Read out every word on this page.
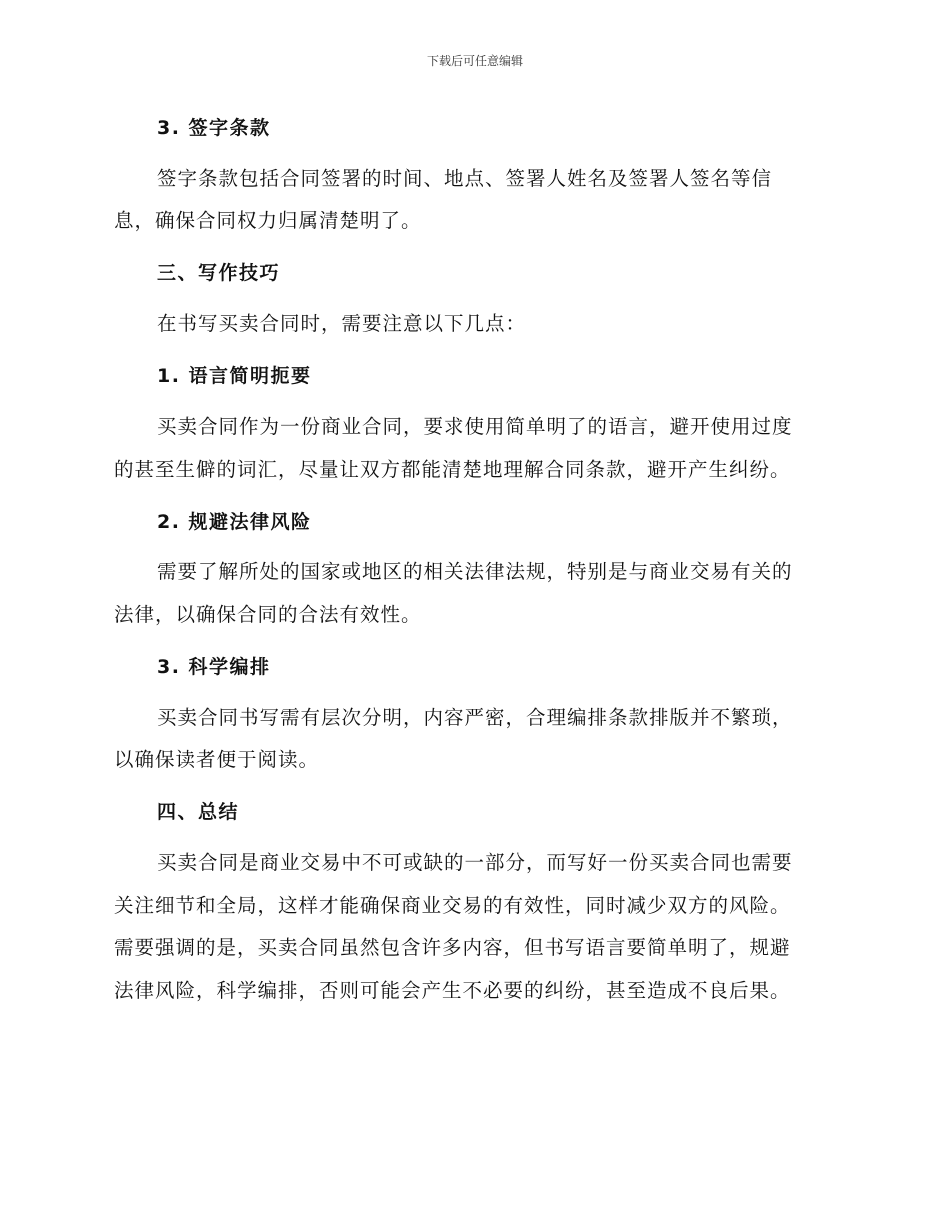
下载后可任意编辑
3. 签字条款
签字条款包括合同签署的时间、地点、签署人姓名及签署人签名等信
息，确保合同权力归属清楚明了。
三、写作技巧
在书写买卖合同时，需要注意以下几点：
1. 语言简明扼要
买卖合同作为一份商业合同，要求使用简单明了的语言，避开使用过度
的甚至生僻的词汇，尽量让双方都能清楚地理解合同条款，避开产生纠纷。
2. 规避法律风险
需要了解所处的国家或地区的相关法律法规，特别是与商业交易有关的
法律，以确保合同的合法有效性。
3. 科学编排
买卖合同书写需有层次分明，内容严密，合理编排条款排版并不繁琐，
以确保读者便于阅读。
四、总结
买卖合同是商业交易中不可或缺的一部分，而写好一份买卖合同也需要
关注细节和全局，这样才能确保商业交易的有效性，同时减少双方的风险。
需要强调的是，买卖合同虽然包含许多内容，但书写语言要简单明了，规避
法律风险，科学编排，否则可能会产生不必要的纠纷，甚至造成不良后果。
